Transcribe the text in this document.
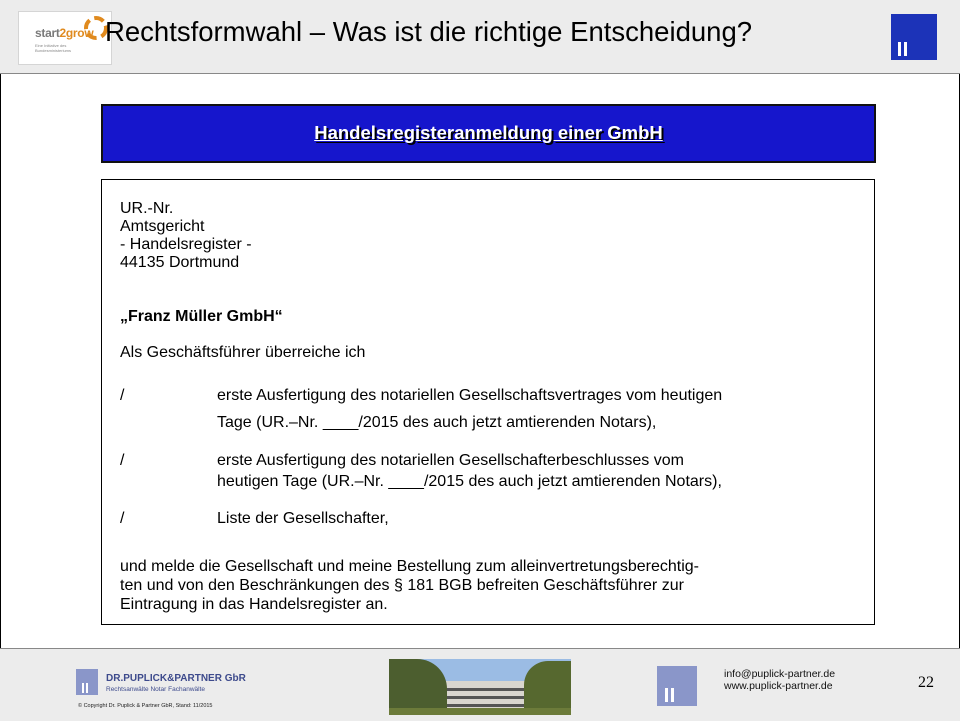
start2grow
Eine Initiative des
Bundesministeriums
Rechtsformwahl – Was ist die richtige Entscheidung?
Handelsregisteranmeldung einer GmbH
UR.-Nr.
Amtsgericht
- Handelsregister -
44135 Dortmund
„Franz Müller GmbH“
Als Geschäftsführer überreiche ich
/	erste Ausfertigung des notariellen Gesellschaftsvertrages vom heutigen
Tage (UR.–Nr. ____/2015 des auch jetzt amtierenden Notars),
/	erste Ausfertigung des notariellen Gesellschafterbeschlusses vom
heutigen Tage (UR.–Nr. ____/2015 des auch jetzt amtierenden Notars),
/	Liste der Gesellschafter,
und melde die Gesellschaft und meine Bestellung zum alleinvertretungsberechtig-
ten und von den Beschränkungen des § 181 BGB befreiten Geschäftsführer zur
Eintragung in das Handelsregister an.
DR.PUPLICK&PARTNER GbR
Rechtsanwälte Notar Fachanwälte
© Copyright Dr. Puplick & Partner GbR, Stand: 11/2015
info@puplick-partner.de
www.puplick-partner.de	22
